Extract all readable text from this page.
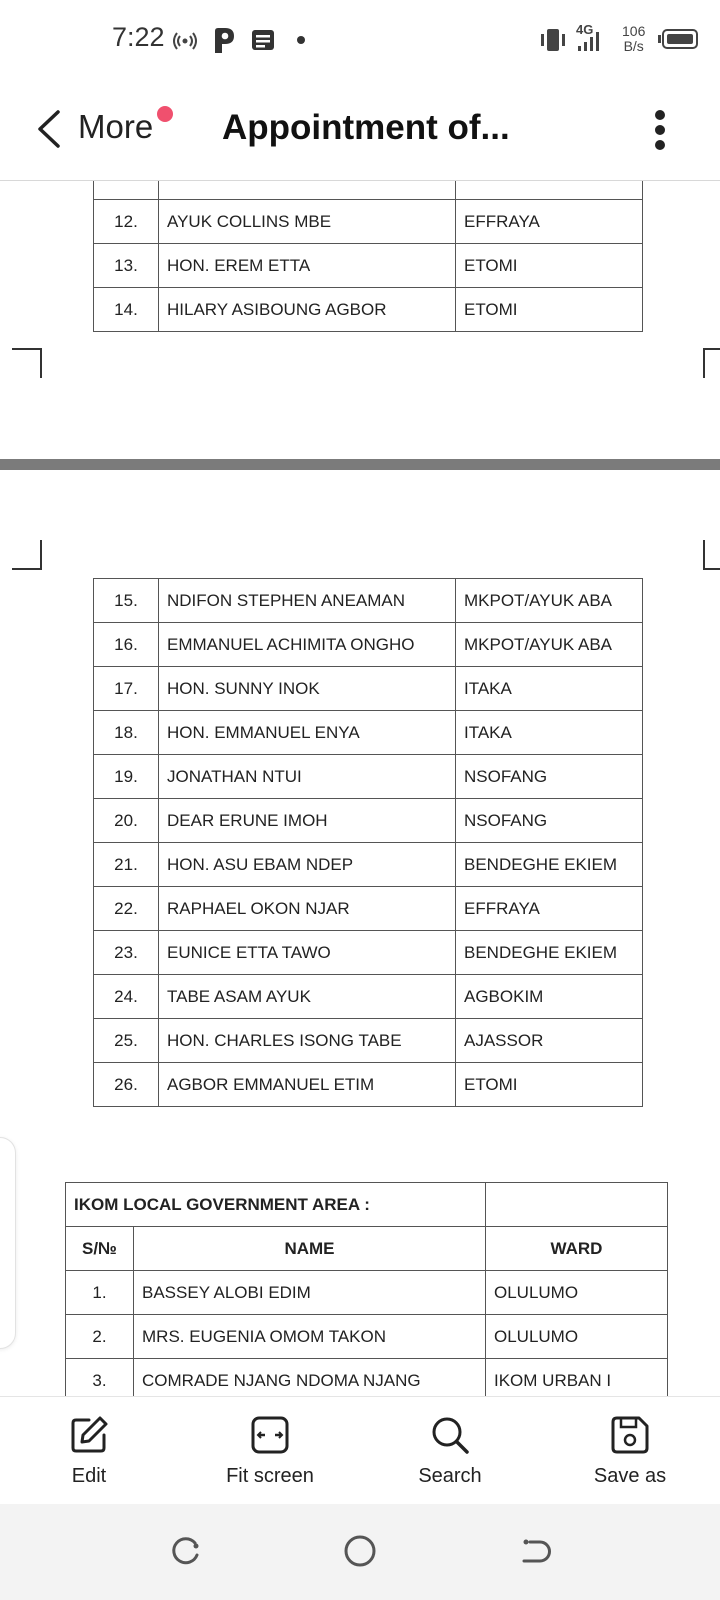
7:22	4G 106
B/s
More Appointment of...

12.	AYUK COLLINS MBE	EFFRAYA
13.	HON. EREM ETTA	ETOMI
14.	HILARY ASIBOUNG AGBOR	ETOMI
15.	NDIFON STEPHEN ANEAMAN	MKPOT/AYUK ABA
16.	EMMANUEL ACHIMITA ONGHO	MKPOT/AYUK ABA
17.	HON. SUNNY INOK	ITAKA
18.	HON. EMMANUEL ENYA	ITAKA
19.	JONATHAN NTUI	NSOFANG
20.	DEAR ERUNE IMOH	NSOFANG
21.	HON. ASU EBAM NDEP	BENDEGHE EKIEM
22.	RAPHAEL OKON NJAR	EFFRAYA
23.	EUNICE ETTA TAWO	BENDEGHE EKIEM
24.	TABE ASAM AYUK	AGBOKIM
25.	HON. CHARLES ISONG TABE	AJASSOR
26.	AGBOR EMMANUEL ETIM	ETOMI
IKOM LOCAL GOVERNMENT AREA :		
S/№	NAME	WARD
1.	BASSEY ALOBI EDIM	OLULUMO
2.	MRS. EUGENIA OMOM TAKON	OLULUMO
3.	COMRADE NJANG NDOMA NJANG	IKOM URBAN I
Edit	Fit screen	Search	Save as
